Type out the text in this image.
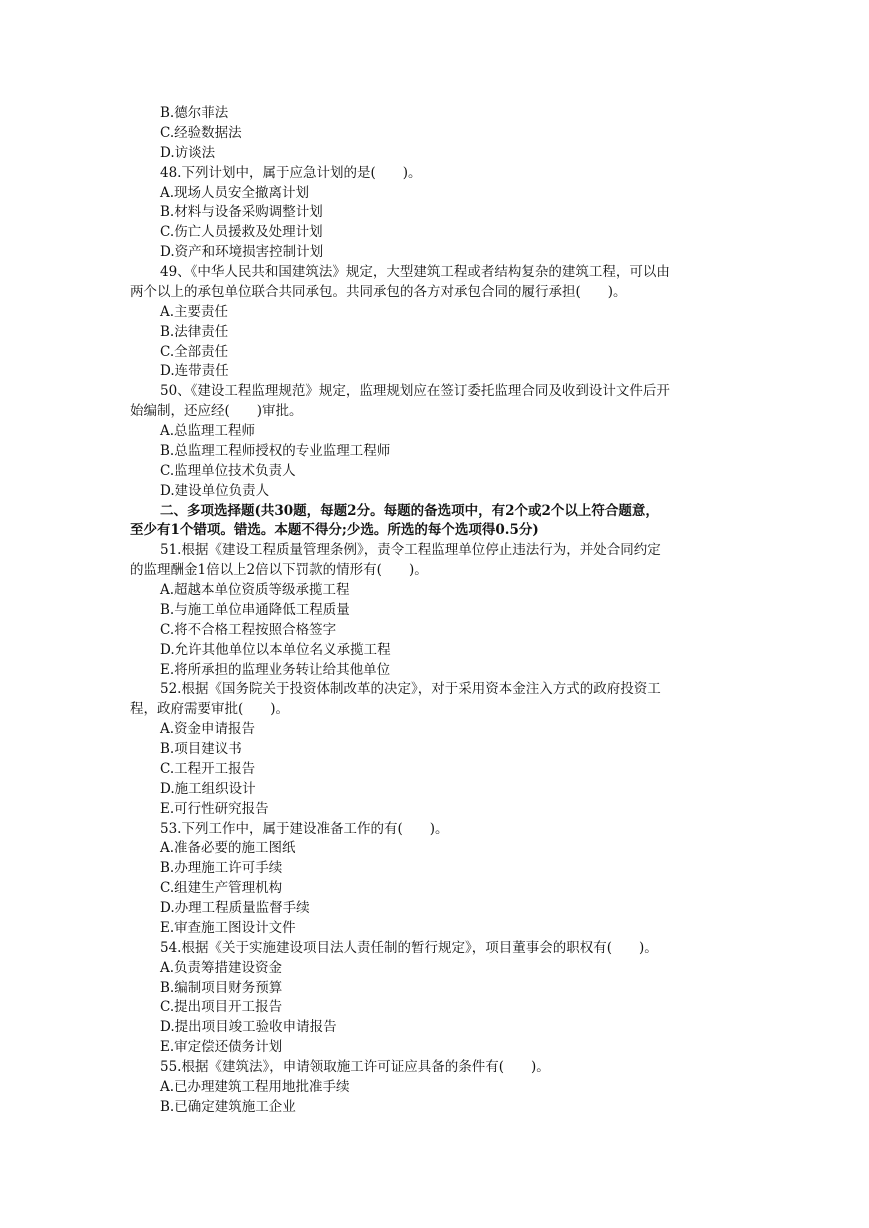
B.德尔菲法
C.经验数据法
D.访谈法
48.下列计划中，属于应急计划的是(　　)。
A.现场人员安全撤离计划
B.材料与设备采购调整计划
C.伤亡人员援救及处理计划
D.资产和环境损害控制计划
49、《中华人民共和国建筑法》规定，大型建筑工程或者结构复杂的建筑工程，可以由
两个以上的承包单位联合共同承包。共同承包的各方对承包合同的履行承担(　　)。
A.主要责任
B.法律责任
C.全部责任
D.连带责任
50、《建设工程监理规范》规定，监理规划应在签订委托监理合同及收到设计文件后开
始编制，还应经(　　)审批。
A.总监理工程师
B.总监理工程师授权的专业监理工程师
C.监理单位技术负责人
D.建设单位负责人
二、多项选择题(共30题，每题2分。每题的备选项中，有2个或2个以上符合题意，
至少有1个错项。错选。本题不得分;少选。所选的每个选项得0.5分)
51.根据《建设工程质量管理条例》，责令工程监理单位停止违法行为，并处合同约定
的监理酬金1倍以上2倍以下罚款的情形有(　　)。
A.超越本单位资质等级承揽工程
B.与施工单位串通降低工程质量
C.将不合格工程按照合格签字
D.允许其他单位以本单位名义承揽工程
E.将所承担的监理业务转让给其他单位
52.根据《国务院关于投资体制改革的决定》，对于采用资本金注入方式的政府投资工
程，政府需要审批(　　)。
A.资金申请报告
B.项目建议书
C.工程开工报告
D.施工组织设计
E.可行性研究报告
53.下列工作中，属于建设准备工作的有(　　)。
A.准备必要的施工图纸
B.办理施工许可手续
C.组建生产管理机构
D.办理工程质量监督手续
E.审查施工图设计文件
54.根据《关于实施建设项目法人责任制的暂行规定》，项目董事会的职权有(　　)。
A.负责筹措建设资金
B.编制项目财务预算
C.提出项目开工报告
D.提出项目竣工验收申请报告
E.审定偿还债务计划
55.根据《建筑法》，申请领取施工许可证应具备的条件有(　　)。
A.已办理建筑工程用地批准手续
B.已确定建筑施工企业
